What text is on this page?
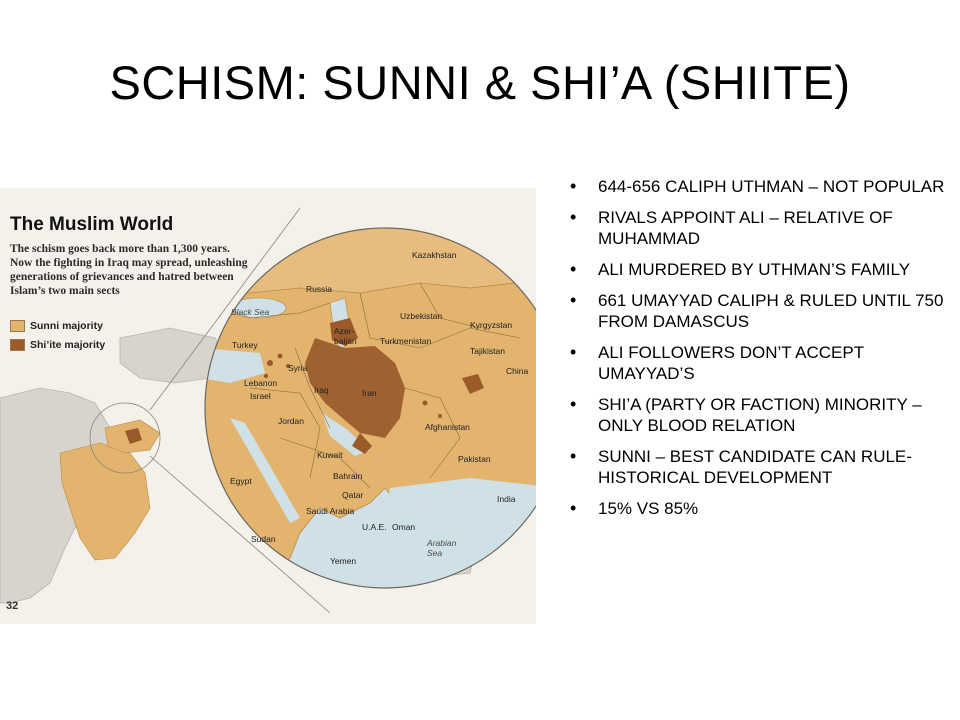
SCHISM: SUNNI & SHI’A (SHIITE)
The Muslim World
The schism goes back more than 1,300 years. Now the fighting in Iraq may spread, unleashing generations of grievances and hatred between Islam’s two main sects
Sunni majority
Shi’ite majority
Russia
Kazakhstan
Black Sea	Uzbekistan
Kyrgyzstan
Turkey
Azer-
baijan	Turkmenistan
Tajikistan
China
Syria
Lebanon
Israel
Iraq	Iran
Afghanistan
Jordan
Kuwait	Pakistan
Bahrain
Egypt
Qatar	India
Saudi Arabia
U.A.E. Oman
Sudan	Arabian
Sea
Yemen
32
• 644-656 CALIPH UTHMAN – NOT POPULAR
• RIVALS APPOINT ALI – RELATIVE OF MUHAMMAD
• ALI MURDERED BY UTHMAN’S FAMILY
• 661 UMAYYAD CALIPH & RULED UNTIL 750 FROM DAMASCUS
• ALI FOLLOWERS DON’T ACCEPT UMAYYAD’S
• SHI’A (PARTY OR FACTION) MINORITY – ONLY BLOOD RELATION
• SUNNI – BEST CANDIDATE CAN RULE- HISTORICAL DEVELOPMENT
• 15% VS 85%
